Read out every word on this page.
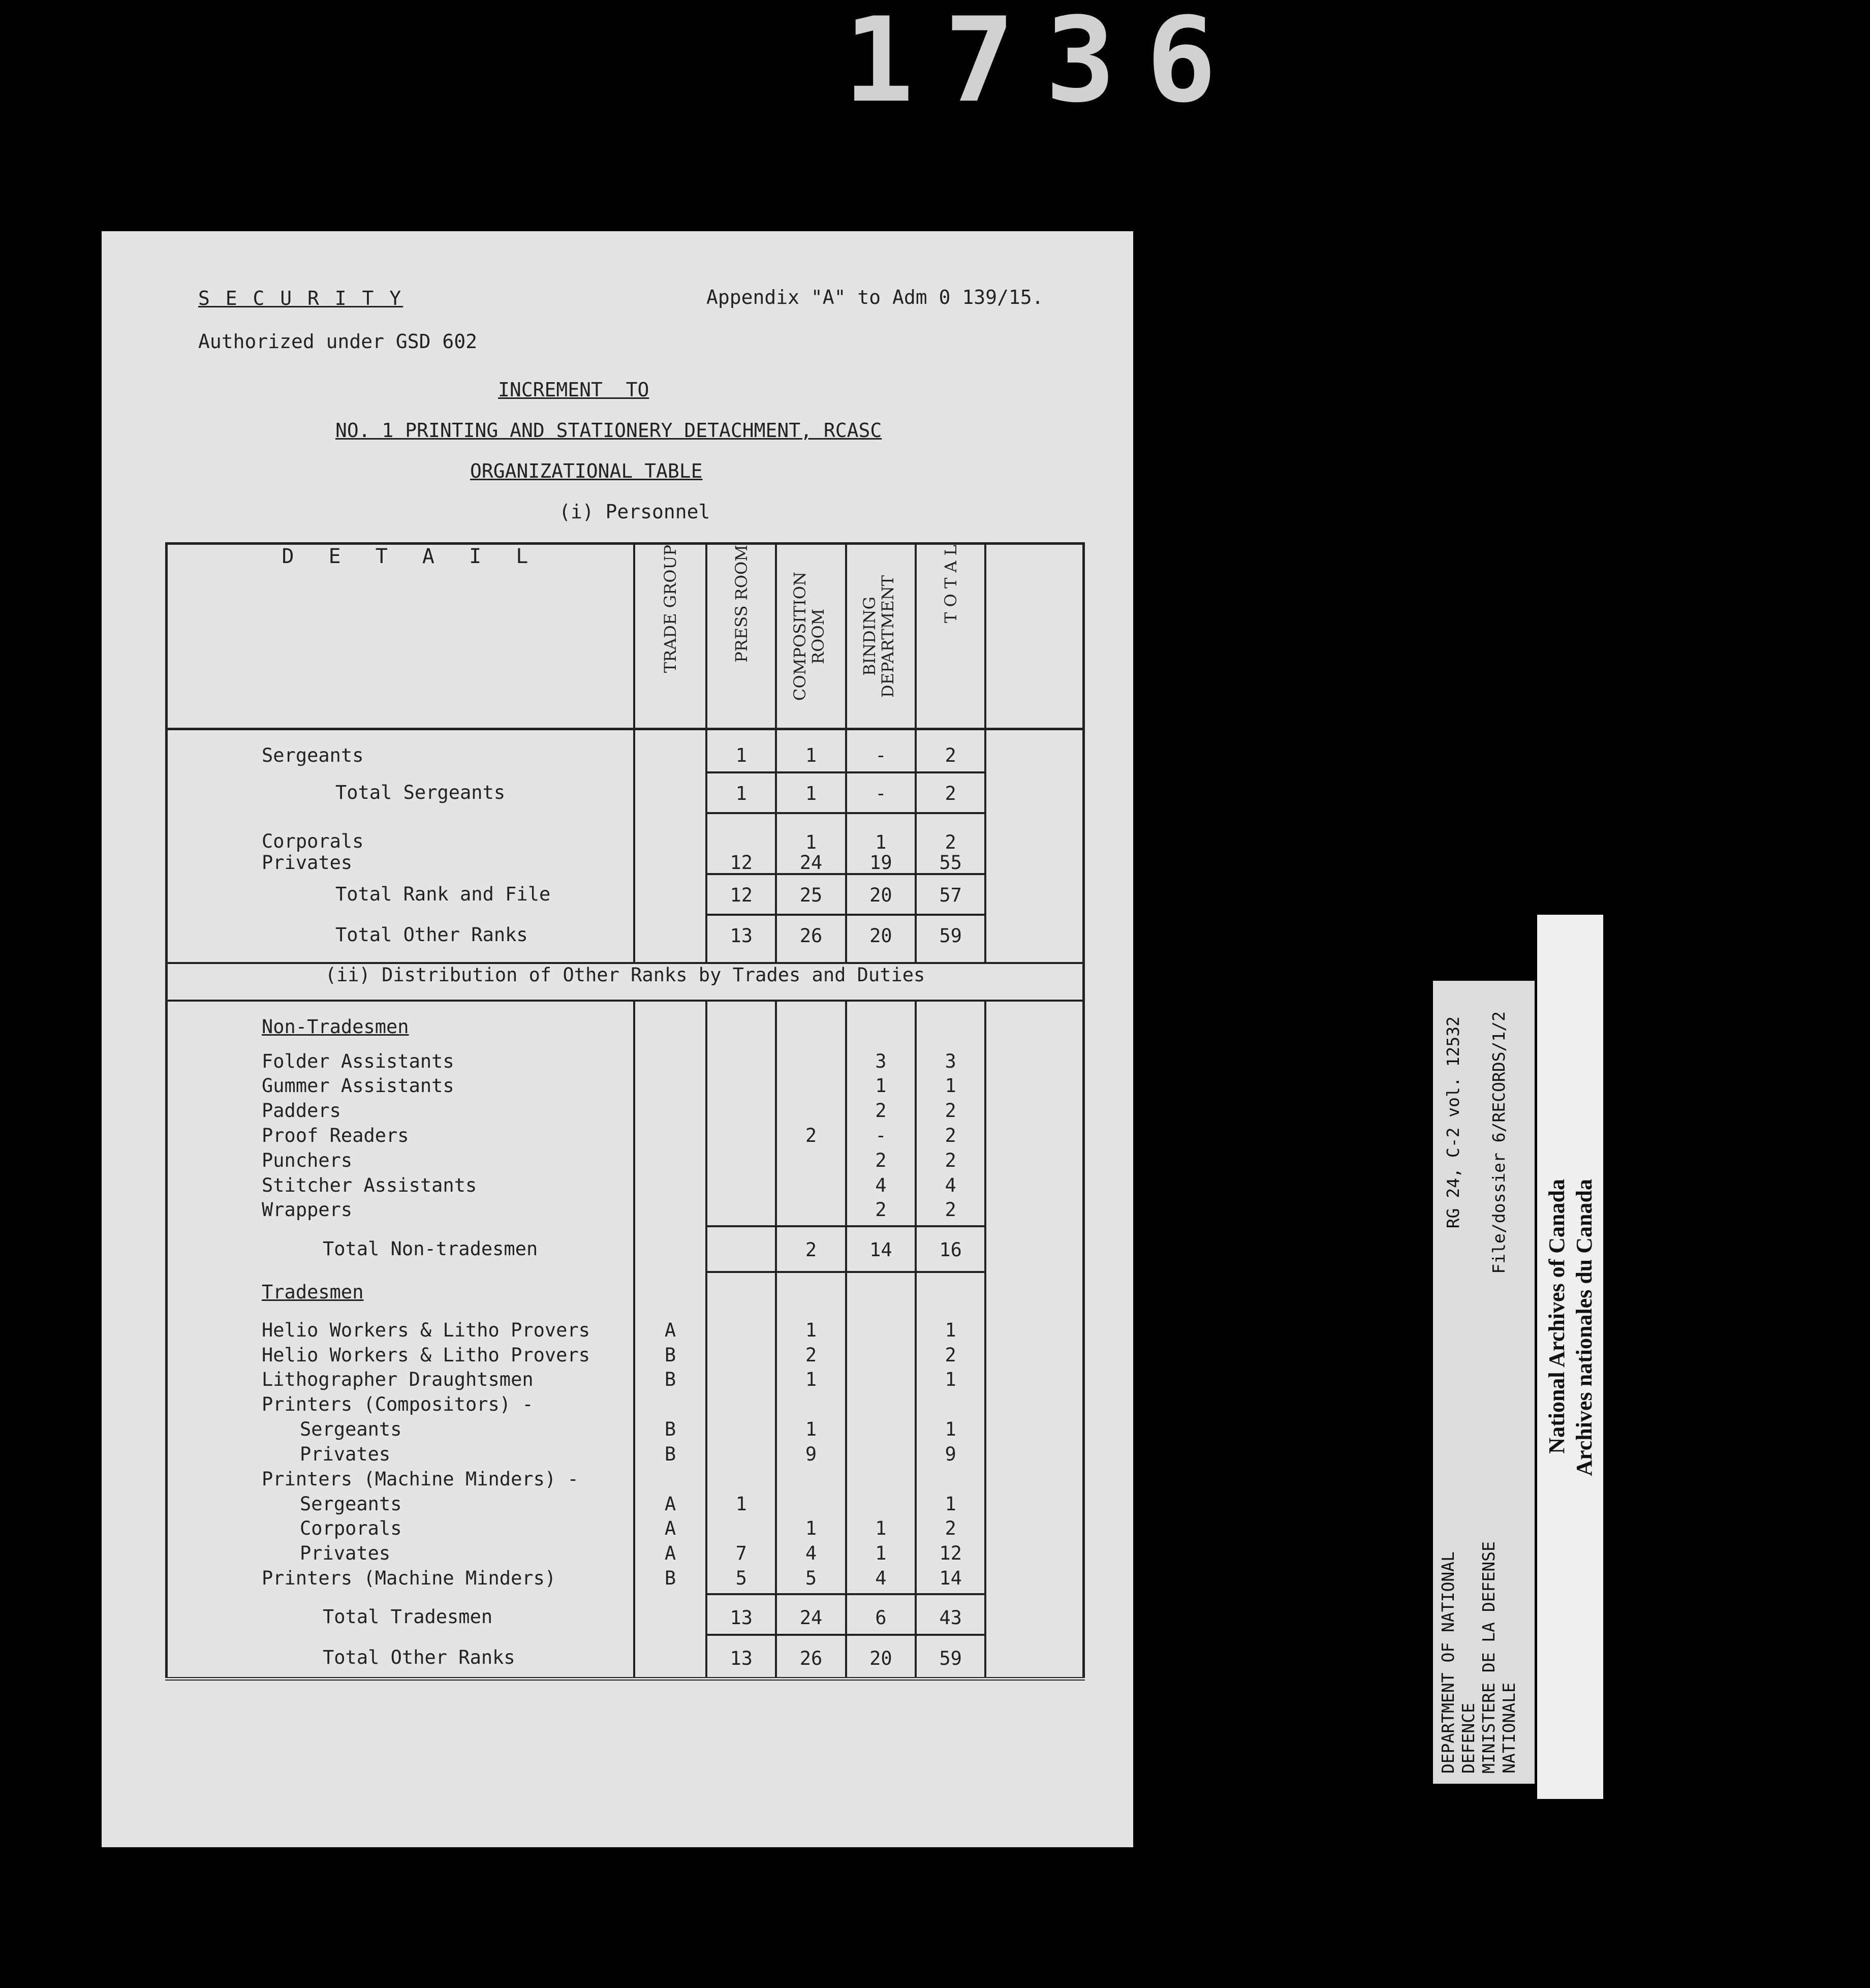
1736
S E C U R I T Y	Appendix "A" to Adm 0 139/15.
Authorized under GSD 602
INCREMENT  TO
NO. 1 PRINTING AND STATIONERY DETACHMENT, RCASC
ORGANIZATIONAL TABLE
(i) Personnel
D E T A I L	TRADE GROUP	PRESS ROOM	COMPOSITION ROOM	BINDING DEPARTMENT	T O T A L	

Sergeants		1	1	-	2	
Total Sergeants		1	1	-	2	
Corporals			1	1	2	
Privates		12	24	19	55	
Total Rank and File		12	25	20	57	
Total Other Ranks		13	26	20	59	
(ii) Distribution of Other Ranks by Trades and Duties						
Non-Tradesmen						
Folder Assistants				3	3	
Gummer Assistants				1	1	
Padders				2	2	
Proof Readers			2	-	2	
Punchers				2	2	
Stitcher Assistants				4	4	
Wrappers				2	2	
Total Non-tradesmen			2	14	16	
Tradesmen						
Helio Workers & Litho Provers	A		1		1	
Helio Workers & Litho Provers	B		2		2	
Lithographer Draughtsmen	B		1		1	
Printers (Compositors) -						
Sergeants	B		1		1	
Privates	B		9		9	
Printers (Machine Minders) -						
Sergeants	A	1			1	
Corporals	A		1	1	2	
Privates	A	7	4	1	12	
Printers (Machine Minders)	B	5	5	4	14	
Total Tradesmen		13	24	6	43	
Total Other Ranks		13	26	20	59		DEPARTMENT OF NATIONAL DEFENCE MINISTERE DE LA DEFENSE NATIONALE
RG 24, C-2 vol. 12532 File/dossier 6/RECORDS/1/2
National Archives of Canada Archives nationales du Canada
